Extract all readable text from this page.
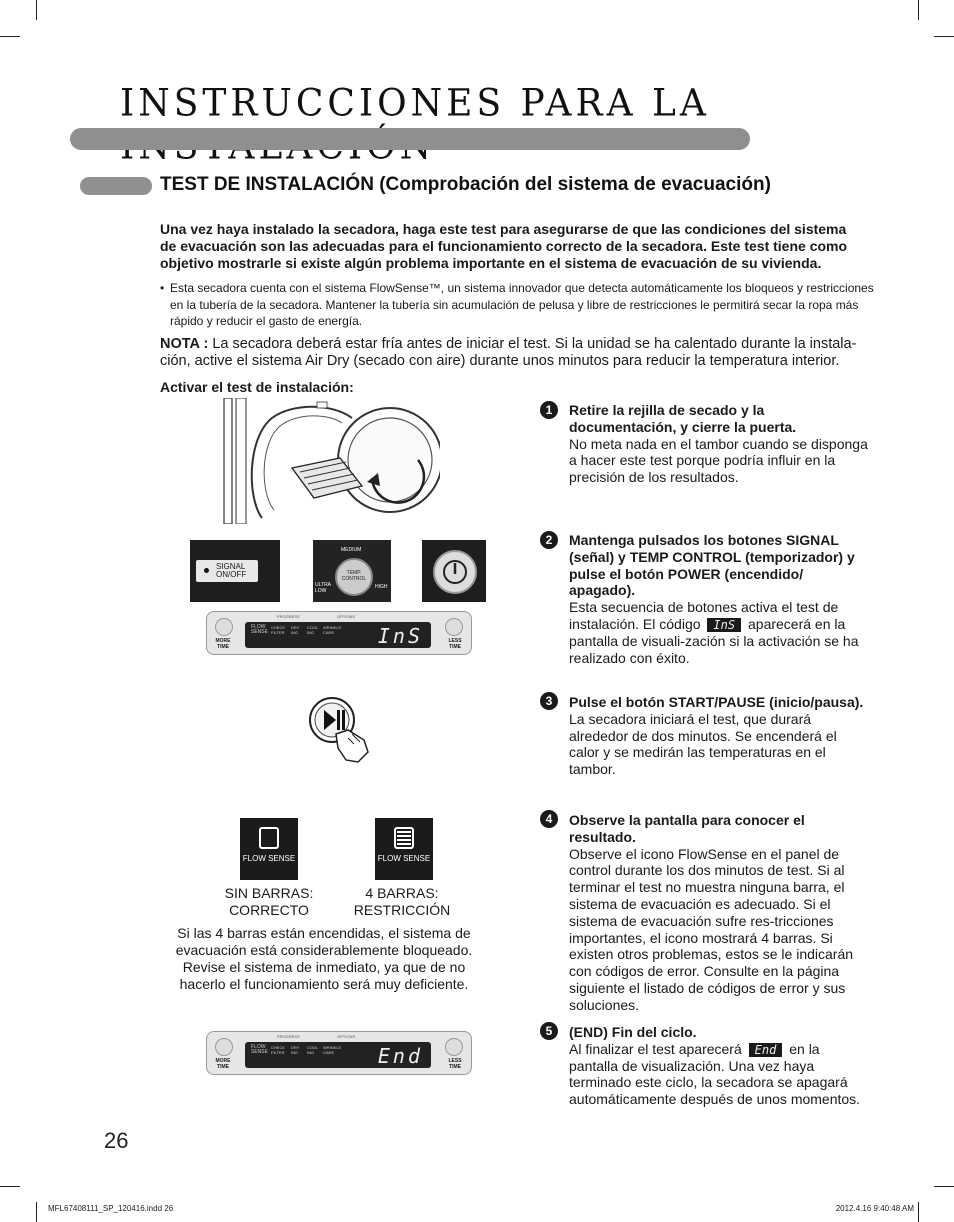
INSTRUCCIONES PARA LA
TEST DE INSTALACIÓN (Comprobación del sistema de evacuación)
Una vez haya instalado la secadora, haga este test para asegurarse de que las condiciones del sistema de evacuación son las adecuadas para el funcionamiento correcto de la secadora. Este test tiene como objetivo mostrarle si existe algún problema importante en el sistema de evacuación de su vivienda.
• Esta secadora cuenta con el sistema FlowSense™, un sistema innovador que detecta automáticamente los bloqueos y restricciones en la tubería de la secadora. Mantener la tubería sin acumulación de pelusa y libre de restricciones le permitirá secar la ropa más rápido y reducir el gasto de energía.
NOTA : La secadora deberá estar fría antes de iniciar el test. Si la unidad se ha calentado durante la instala-ción, active el sistema Air Dry (secado con aire) durante unos minutos para reducir la temperatura interior.
Activar el test de instalación:
SIGNAL ON/OFF
MEDIUM
TEMP. CONTROL
ULTRA LOW
HIGH
MORE TIME
FLOW SENSE
CHECK FILTER
DRY ING
COOL ING
WRINKLE CARE	InS
PROGRESS	OPTIONS
LESS TIME
FLOW SENSE	FLOW SENSE
SIN BARRAS:
CORRECTO
4 BARRAS:
RESTRICCIÓN
Si las 4 barras están encendidas, el sistema de evacuación está considerablemente bloqueado. Revise el sistema de inmediato, ya que de no hacerlo el funcionamiento será muy deficiente.
MORE TIME
FLOW SENSE
CHECK FILTER
DRY ING
COOL ING
WRINKLE CARE	End
PROGRESS	OPTIONS
LESS TIME
1	Retire la rejilla de secado y la documentación, y cierre la puerta.
No meta nada en el tambor cuando se disponga a hacer este test porque podría influir en la precisión de los resultados.
2	Mantenga pulsados los botones SIGNAL (señal) y TEMP CONTROL (temporizador) y pulse el botón POWER (encendido/ apagado).
Esta secuencia de botones activa el test de instalación. El código InS aparecerá en la pantalla de visuali-zación si la activación se ha realizado con éxito.
3	Pulse el botón START/PAUSE (inicio/pausa).
La secadora iniciará el test, que durará alrededor de dos minutos. Se encenderá el calor y se medirán las temperaturas en el tambor.
4	Observe la pantalla para conocer el resultado.
Observe el icono FlowSense en el panel de control durante los dos minutos de test. Si al terminar el test no muestra ninguna barra, el sistema de evacuación es adecuado. Si el sistema de evacuación sufre res-tricciones importantes, el icono mostrará 4 barras. Si existen otros problemas, estos se le indicarán con códigos de error. Consulte en la página siguiente el listado de códigos de error y sus soluciones.
5	(END) Fin del ciclo.
Al finalizar el test aparecerá End en la pantalla de visualización. Una vez haya terminado este ciclo, la secadora se apagará automáticamente después de unos momentos.
26
MFL67408111_SP_120416.indd 26	2012.4.16 9:40:48 AM
